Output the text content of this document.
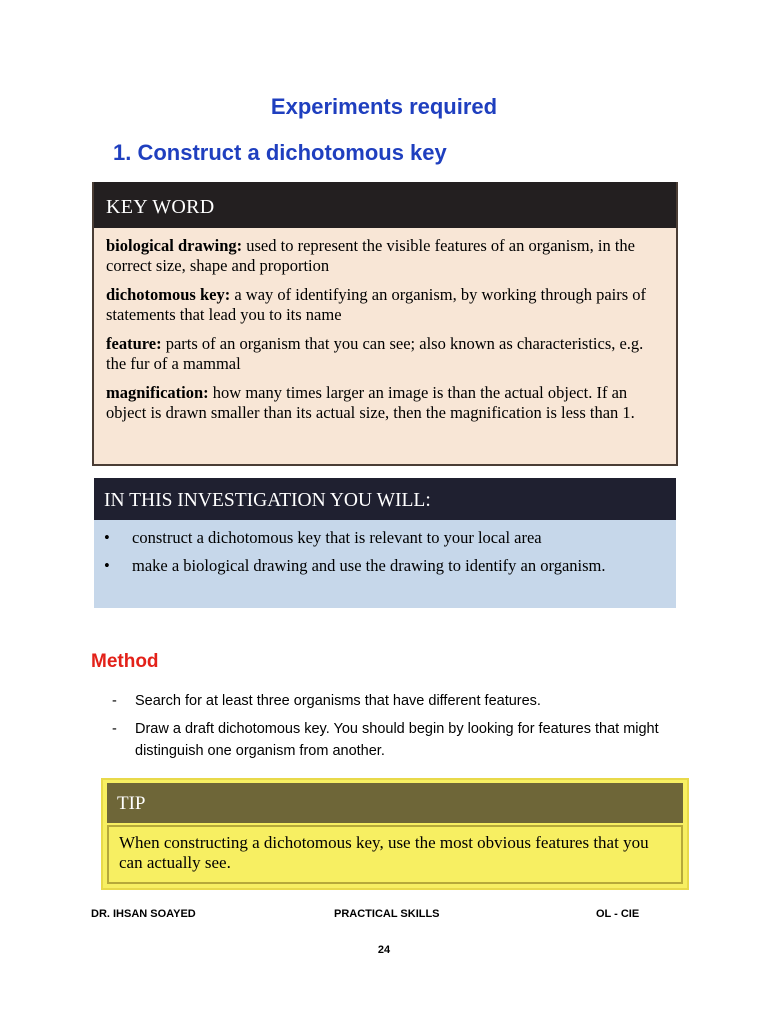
Experiments required
1. Construct a dichotomous key
KEY WORD

biological drawing: used to represent the visible features of an organism, in the correct size, shape and proportion

dichotomous key: a way of identifying an organism, by working through pairs of statements that lead you to its name

feature: parts of an organism that you can see; also known as characteristics, e.g. the fur of a mammal

magnification: how many times larger an image is than the actual object. If an object is drawn smaller than its actual size, then the magnification is less than 1.

IN THIS INVESTIGATION YOU WILL:
•	construct a dichotomous key that is relevant to your local area
•	make a biological drawing and use the drawing to identify an organism.
Method
-	Search for at least three organisms that have different features.
-	Draw a draft dichotomous key. You should begin by looking for features that might distinguish one organism from another.
TIP
When constructing a dichotomous key, use the most obvious features that you can actually see.
DR. IHSAN SOAYED	PRACTICAL SKILLS	OL - CIE
24
